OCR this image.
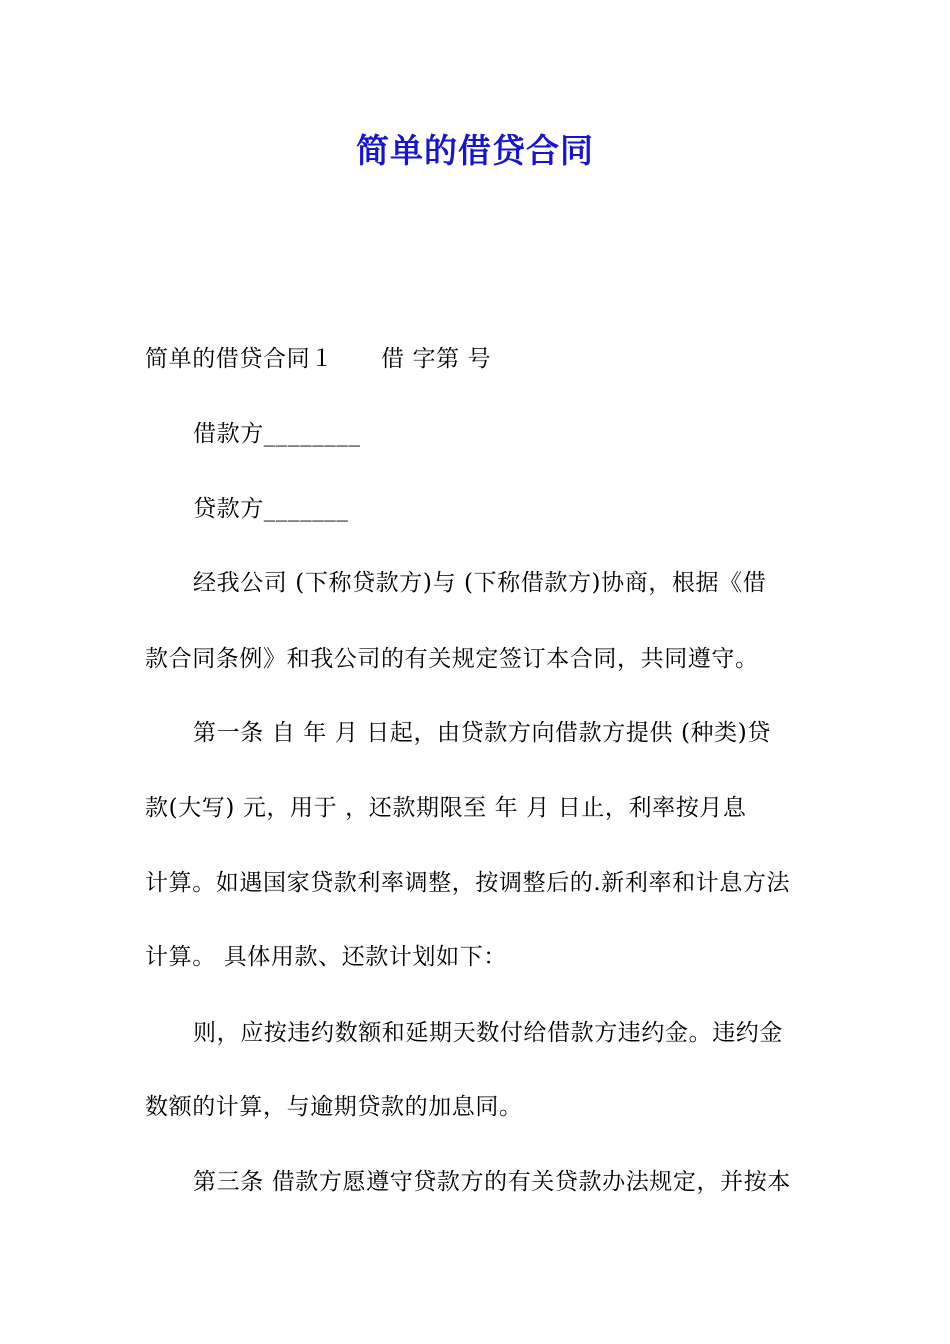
简单的借贷合同
简单的借贷合同１　　借 字第 号
借款方________
贷款方_______
经我公司 (下称贷款方)与 (下称借款方)协商，根据《借
款合同条例》和我公司的有关规定签订本合同，共同遵守。
第一条 自 年 月 日起，由贷款方向借款方提供 (种类)贷
款(大写) 元，用于 ，还款期限至 年 月 日止，利率按月息
计算。如遇国家贷款利率调整，按调整后的.新利率和计息方法
计算。 具体用款、还款计划如下：
则，应按违约数额和延期天数付给借款方违约金。违约金
数额的计算，与逾期贷款的加息同。
第三条 借款方愿遵守贷款方的有关贷款办法规定，并按本
